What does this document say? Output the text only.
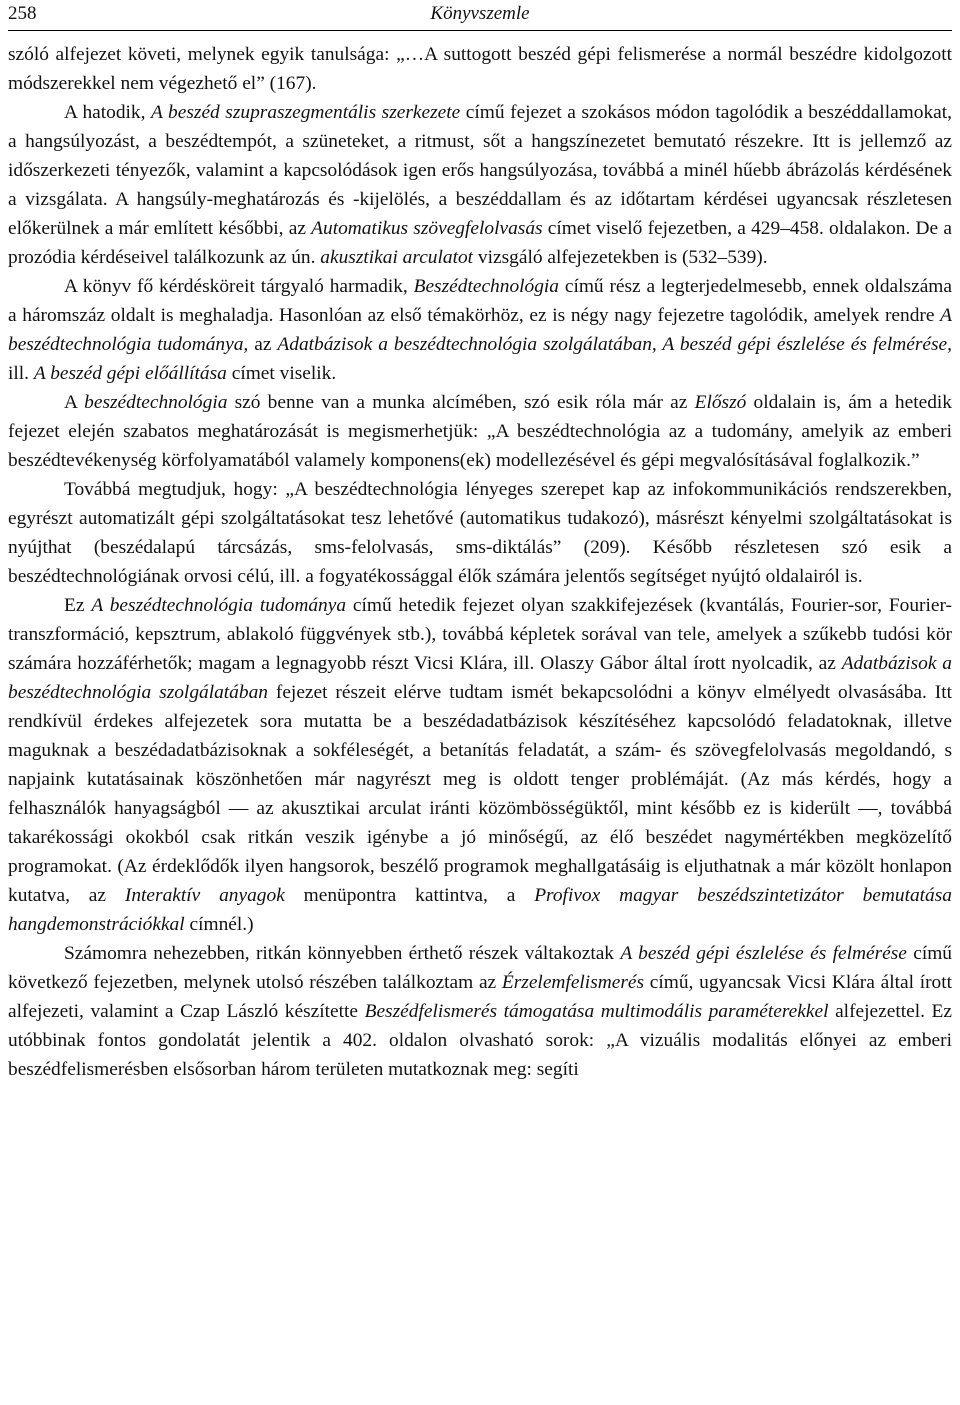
258	Könyvszemle

szóló alfejezet követi, melynek egyik tanulsága: „…A suttogott beszéd gépi felismerése a normál beszédre kidolgozott módszerekkel nem végezhető el” (167).

A hatodik, A beszéd szupraszegmentális szerkezete című fejezet a szokásos módon tagolódik a beszéddallamokat, a hangsúlyozást, a beszédtempót, a szüneteket, a ritmust, sőt a hangszínezetet bemutató részekre. Itt is jellemző az időszerkezeti tényezők, valamint a kapcsolódások igen erős hangsúlyozása, továbbá a minél hűebb ábrázolás kérdésének a vizsgálata. A hangsúly-meghatározás és -kijelölés, a beszéddallam és az időtartam kérdései ugyancsak részletesen előkerülnek a már említett későbbi, az Automatikus szövegfelolvasás címet viselő fejezetben, a 429–458. oldalakon. De a prozódia kérdéseivel találkozunk az ún. akusztikai arculatot vizsgáló alfejezetekben is (532–539).

A könyv fő kérdésköreit tárgyaló harmadik, Beszédtechnológia című rész a legterjedelmesebb, ennek oldalszáma a háromszáz oldalt is meghaladja. Hasonlóan az első témakörhöz, ez is négy nagy fejezetre tagolódik, amelyek rendre A beszédtechnológia tudománya, az Adatbázisok a beszédtechnológia szolgálatában, A beszéd gépi észlelése és felmérése, ill. A beszéd gépi előállítása címet viselik.

A beszédtechnológia szó benne van a munka alcímében, szó esik róla már az Előszó oldalain is, ám a hetedik fejezet elején szabatos meghatározását is megismerhetjük: „A beszédtechnológia az a tudomány, amelyik az emberi beszédtevékenység körfolyamatából valamely komponens(ek) modellezésével és gépi megvalósításával foglalkozik.”

Továbbá megtudjuk, hogy: „A beszédtechnológia lényeges szerepet kap az infokommunikációs rendszerekben, egyrészt automatizált gépi szolgáltatásokat tesz lehetővé (automatikus tudakozó), másrészt kényelmi szolgáltatásokat is nyújthat (beszédalapú tárcsázás, sms-felolvasás, sms-diktálás” (209). Később részletesen szó esik a beszédtechnológiának orvosi célú, ill. a fogyatékossággal élők számára jelentős segítséget nyújtó oldalairól is.

Ez A beszédtechnológia tudománya című hetedik fejezet olyan szakkifejezések (kvantálás, Fourier-sor, Fourier-transzformáció, kepsztrum, ablakoló függvények stb.), továbbá képletek sorával van tele, amelyek a szűkebb tudósi kör számára hozzáférhetők; magam a legnagyobb részt Vicsi Klára, ill. Olaszy Gábor által írott nyolcadik, az Adatbázisok a beszédtechnológia szolgálatában fejezet részeit elérve tudtam ismét bekapcsolódni a könyv elmélyedt olvasásába. Itt rendkívül érdekes alfejezetek sora mutatta be a beszédadatbázisok készítéséhez kapcsolódó feladatoknak, illetve maguknak a beszédadatbázisoknak a sokféleségét, a betanítás feladatát, a szám- és szövegfelolvasás megoldandó, s napjaink kutatásainak köszönhetően már nagyrészt meg is oldott tenger problémáját. (Az más kérdés, hogy a felhasználók hanyagságból — az akusztikai arculat iránti közömbösségüktől, mint később ez is kiderült —, továbbá takarékossági okokból csak ritkán veszik igénybe a jó minőségű, az élő beszédet nagymértékben megközelítő programokat. (Az érdeklődők ilyen hangsorok, beszélő programok meghallgatásáig is eljuthatnak a már közölt honlapon kutatva, az Interaktív anyagok menüpontra kattintva, a Profivox magyar beszédszintetizátor bemutatása hangdemonstrációkkal címnél.)

Számomra nehezebben, ritkán könnyebben érthető részek váltakoztak A beszéd gépi észlelése és felmérése című következő fejezetben, melynek utolsó részében találkoztam az Érzelemfelismerés című, ugyancsak Vicsi Klára által írott alfejezeti, valamint a Czap László készítette Beszédfelismerés támogatása multimodális paraméterekkel alfejezettel. Ez utóbbinak fontos gondolatát jelentik a 402. oldalon olvasható sorok: „A vizuális modalitás előnyei az emberi beszédfelismerésben elsősorban három területen mutatkoznak meg: segíti
